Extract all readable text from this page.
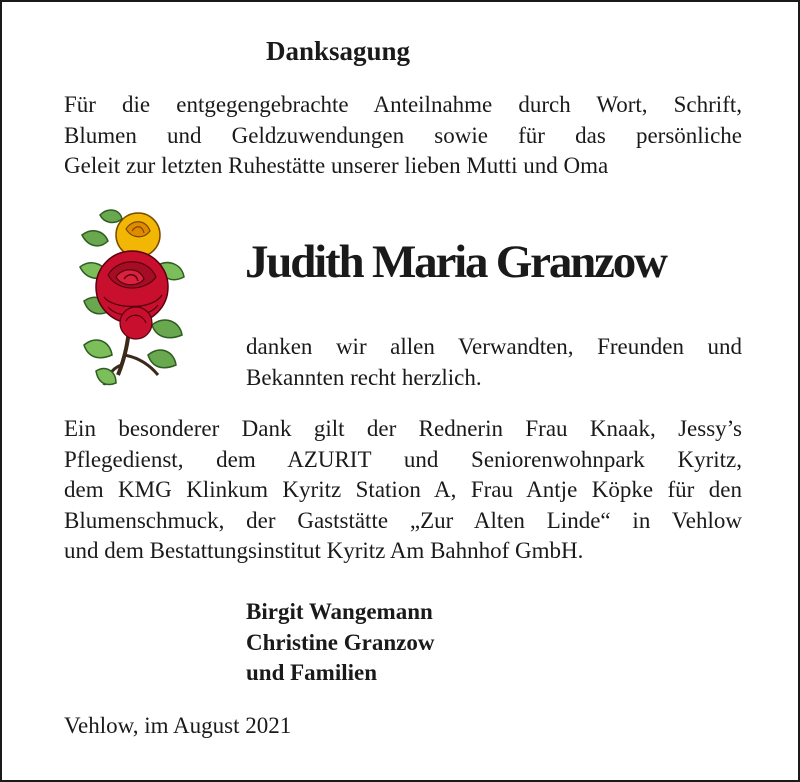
Danksagung
Für die entgegengebrachte Anteilnahme durch Wort, Schrift,
Blumen und Geldzuwendungen sowie für das persönliche
Geleit zur letzten Ruhestätte unserer lieben Mutti und Oma
Judith Maria Granzow
danken wir allen Verwandten, Freunden und
Bekannten recht herzlich.
Ein besonderer Dank gilt der Rednerin Frau Knaak, Jessy’s
Pflegedienst, dem AZURIT und Seniorenwohnpark Kyritz,
dem KMG Klinkum Kyritz Station A, Frau Antje Köpke für den
Blumenschmuck, der Gaststätte „Zur Alten Linde“ in Vehlow
und dem Bestattungsinstitut Kyritz Am Bahnhof GmbH.
Birgit Wangemann
Christine Granzow
und Familien
Vehlow, im August 2021
